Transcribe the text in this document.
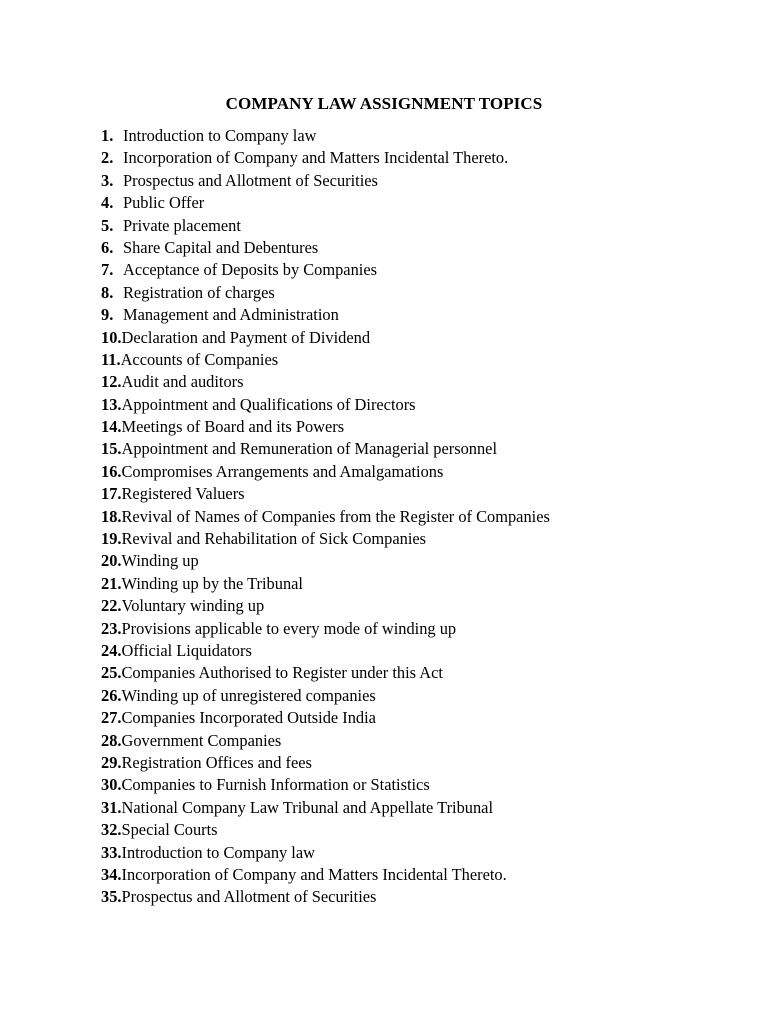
COMPANY LAW ASSIGNMENT TOPICS
1. Introduction to Company law
2. Incorporation of Company and Matters Incidental Thereto.
3. Prospectus and Allotment of Securities
4. Public Offer
5. Private placement
6. Share Capital and Debentures
7. Acceptance of Deposits by Companies
8. Registration of charges
9. Management and Administration
10.Declaration and Payment of Dividend
11.Accounts of Companies
12.Audit and auditors
13.Appointment and Qualifications of Directors
14.Meetings of Board and its Powers
15.Appointment and Remuneration of Managerial personnel
16.Compromises Arrangements and Amalgamations
17.Registered Valuers
18.Revival of Names of Companies from the Register of Companies
19.Revival and Rehabilitation of Sick Companies
20.Winding up
21.Winding up by the Tribunal
22.Voluntary winding up
23.Provisions applicable to every mode of winding up
24.Official Liquidators
25.Companies Authorised to Register under this Act
26.Winding up of unregistered companies
27.Companies Incorporated Outside India
28.Government Companies
29.Registration Offices and fees
30.Companies to Furnish Information or Statistics
31.National Company Law Tribunal and Appellate Tribunal
32.Special Courts
33.Introduction to Company law
34.Incorporation of Company and Matters Incidental Thereto.
35.Prospectus and Allotment of Securities
